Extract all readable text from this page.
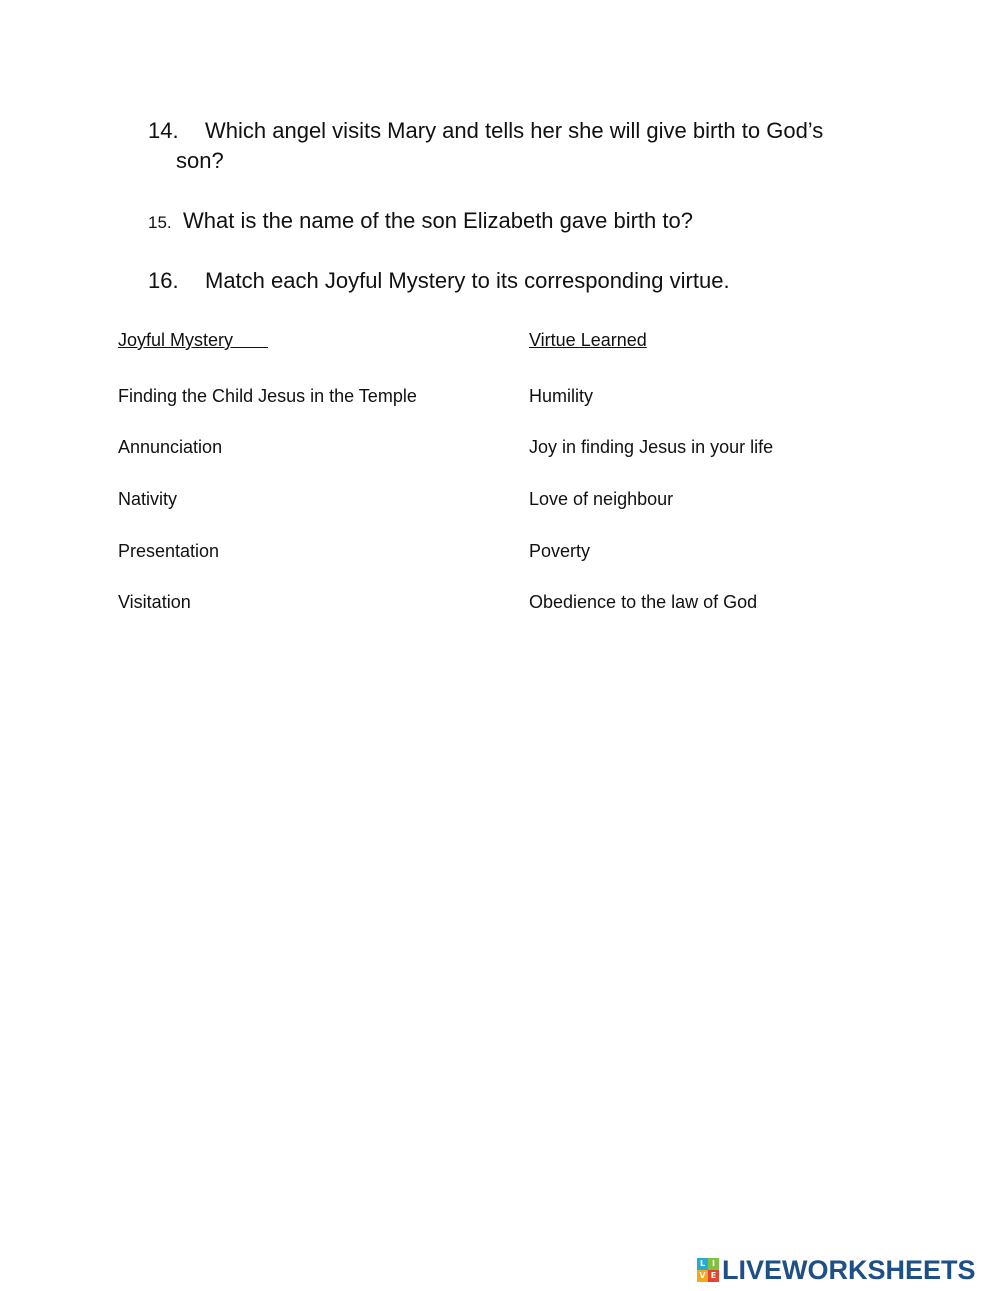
14. Which angel visits Mary and tells her she will give birth to God’s
son?
15. What is the name of the son Elizabeth gave birth to?
16. Match each Joyful Mystery to its corresponding virtue.
Joyful Mystery	Virtue Learned
Finding the Child Jesus in the Temple
Annunciation
Nativity
Presentation
Visitation
Humility
Joy in finding Jesus in your life
Love of neighbour
Poverty
Obedience to the law of God
L I
V E LIVEWORKSHEETS
